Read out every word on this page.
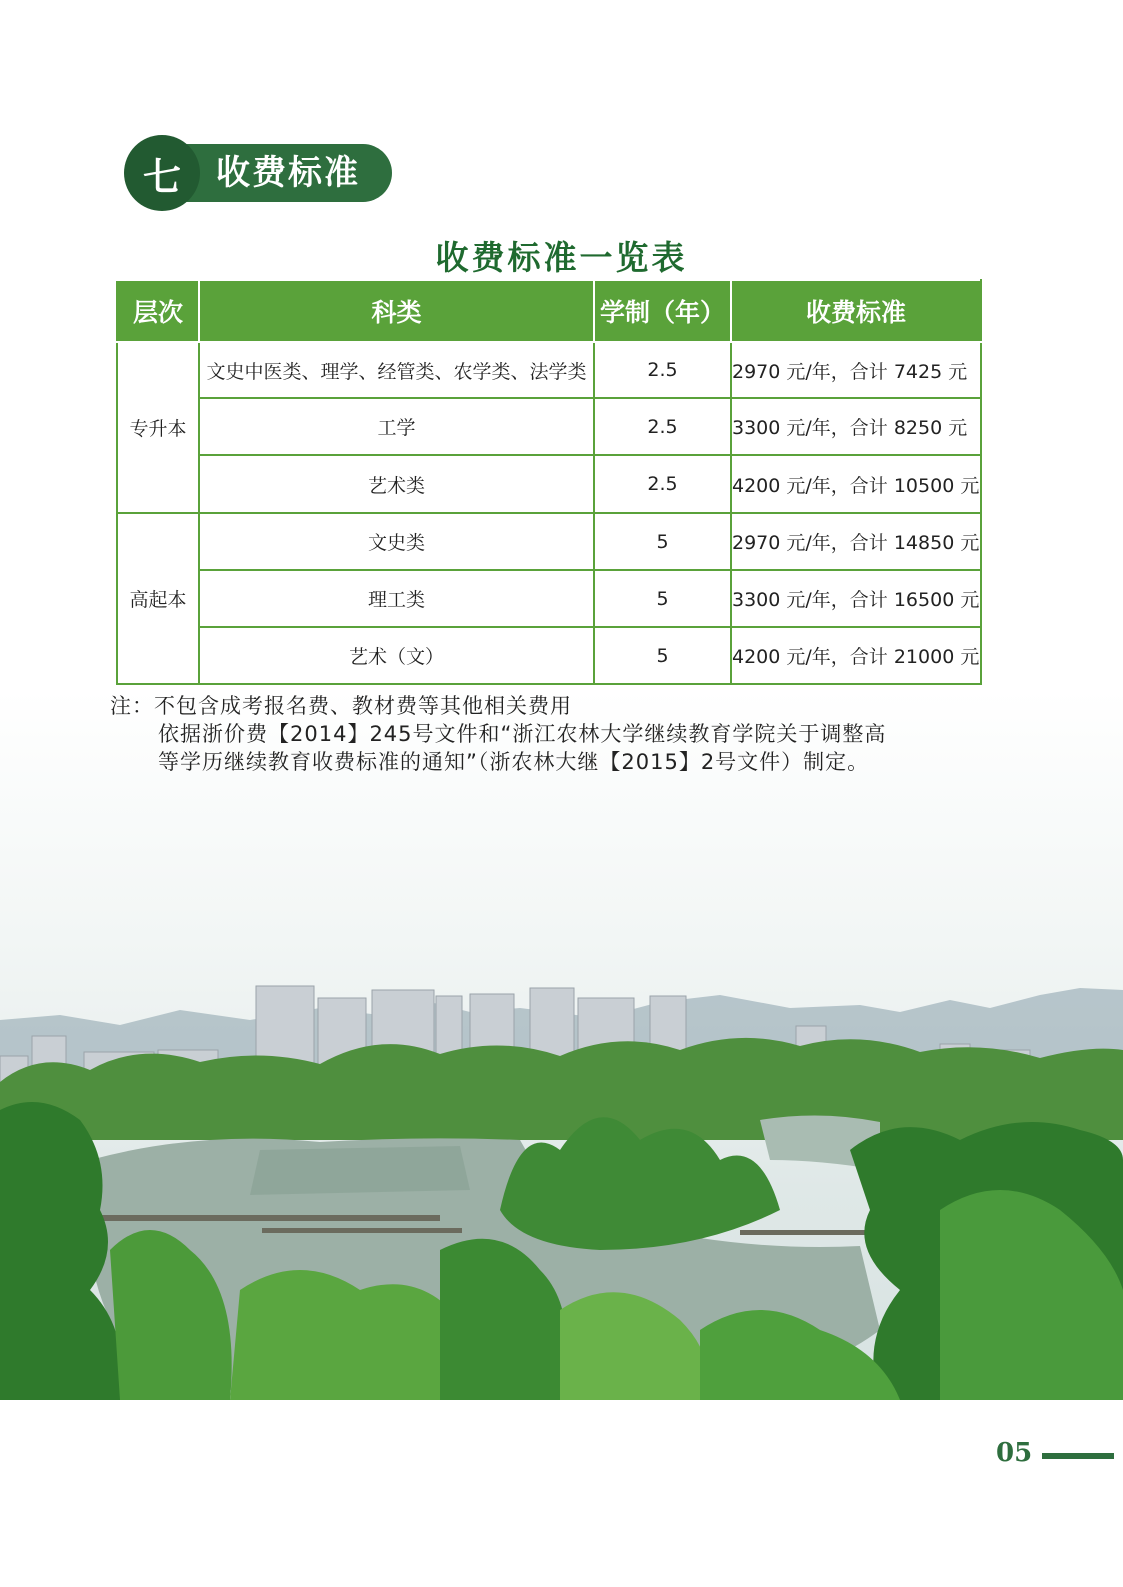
七	收费标准
收费标准一览表
层次	科类	学制（年）	收费标准
专升本	文史中医类、理学、经管类、农学类、法学类	2.5	2970 元/年，合计 7425 元
	工学	2.5	3300 元/年，合计 8250 元
	艺术类	2.5	4200 元/年，合计 10500 元
高起本	文史类	5	2970 元/年，合计 14850 元
	理工类	5	3300 元/年，合计 16500 元
	艺术（文）	5	4200 元/年，合计 21000 元
注：不包含成考报名费、教材费等其他相关费用
依据浙价费【2014】245号文件和“浙江农林大学继续教育学院关于调整高
等学历继续教育收费标准的通知”（浙农林大继【2015】2号文件）制定。
05
